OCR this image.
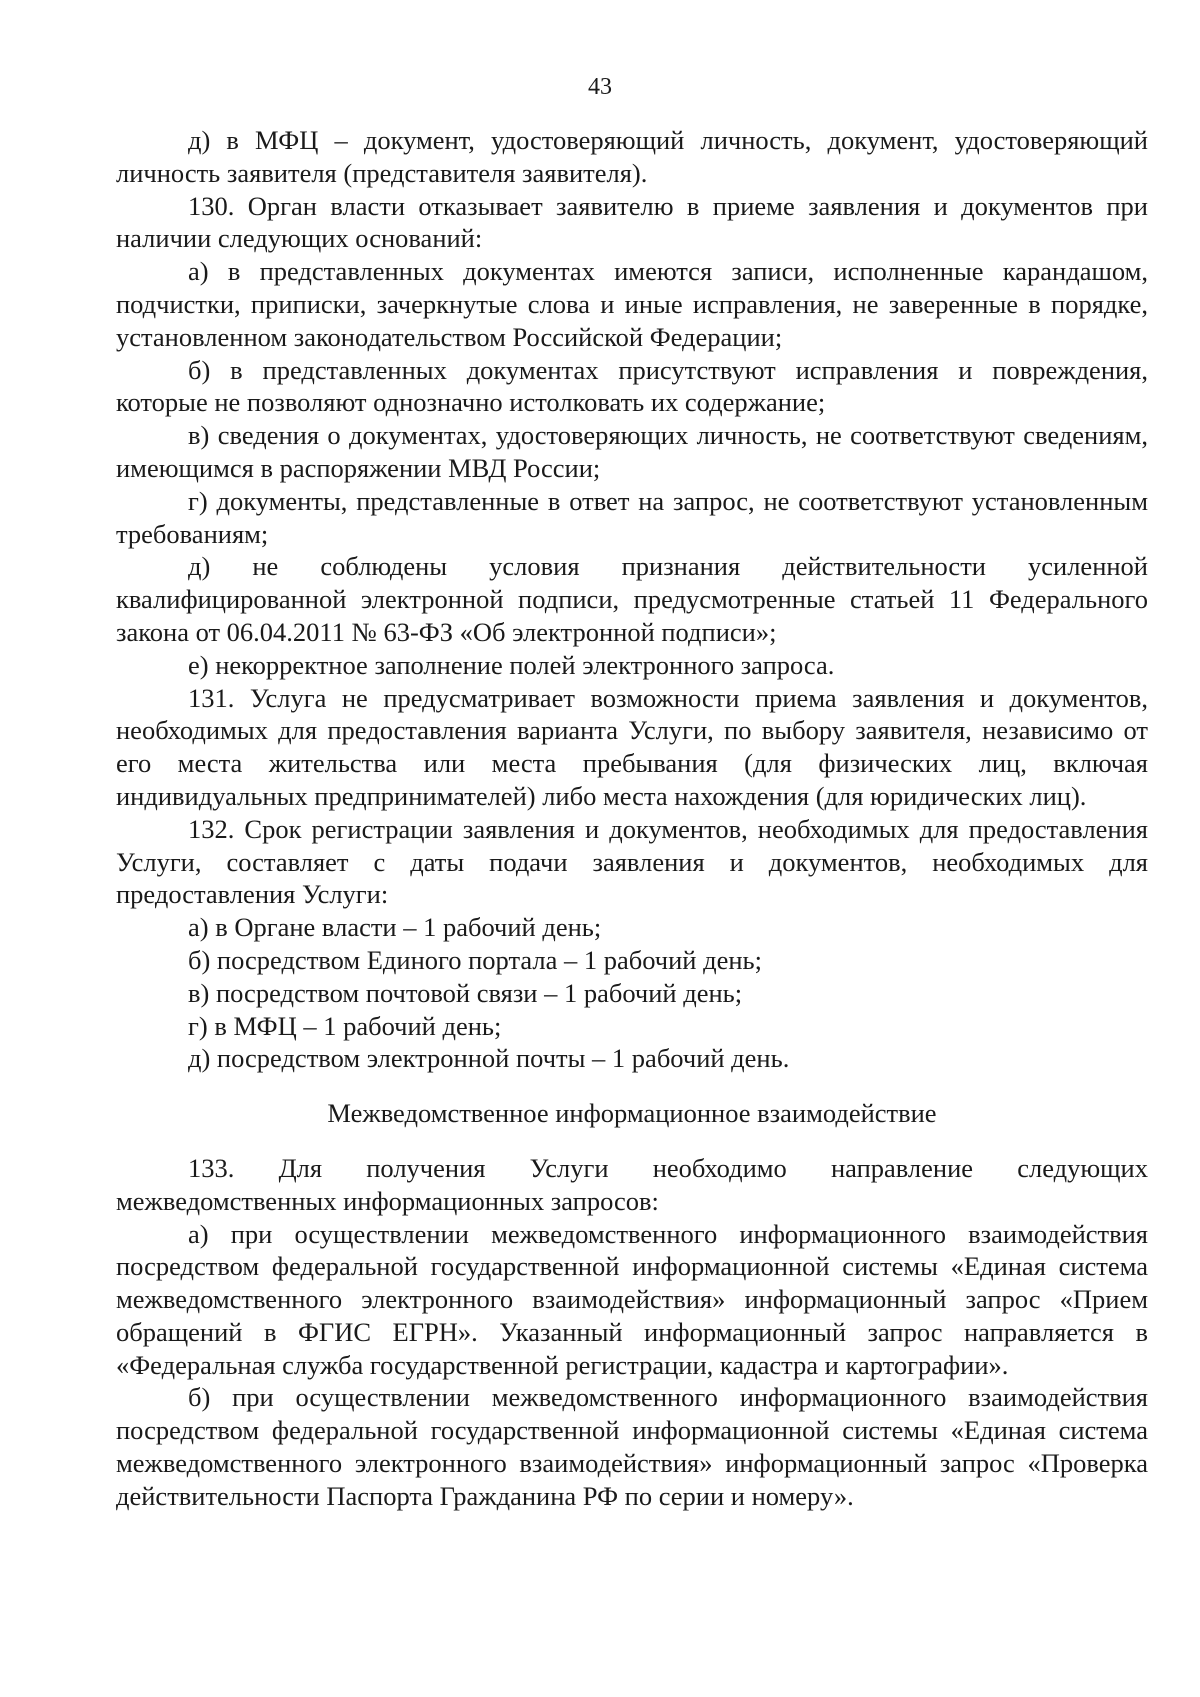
43

д) в МФЦ – документ, удостоверяющий личность, документ, удостоверяющий личность заявителя (представителя заявителя).

130. Орган власти отказывает заявителю в приеме заявления и документов при наличии следующих оснований:

а) в представленных документах имеются записи, исполненные карандашом, подчистки, приписки, зачеркнутые слова и иные исправления, не заверенные в порядке, установленном законодательством Российской Федерации;

б) в представленных документах присутствуют исправления и повреждения, которые не позволяют однозначно истолковать их содержание;

в) сведения о документах, удостоверяющих личность, не соответствуют сведениям, имеющимся в распоряжении МВД России;

г) документы, представленные в ответ на запрос, не соответствуют установленным требованиям;

д) не соблюдены условия признания действительности усиленной квалифицированной электронной подписи, предусмотренные статьей 11 Федерального закона от 06.04.2011 № 63-ФЗ «Об электронной подписи»;

е) некорректное заполнение полей электронного запроса.

131. Услуга не предусматривает возможности приема заявления и документов, необходимых для предоставления варианта Услуги, по выбору заявителя, независимо от его места жительства или места пребывания (для физических лиц, включая индивидуальных предпринимателей) либо места нахождения (для юридических лиц).

132. Срок регистрации заявления и документов, необходимых для предоставления Услуги, составляет с даты подачи заявления и документов, необходимых для предоставления Услуги:

а) в Органе власти – 1 рабочий день;

б) посредством Единого портала – 1 рабочий день;

в) посредством почтовой связи – 1 рабочий день;

г) в МФЦ – 1 рабочий день;

д) посредством электронной почты – 1 рабочий день.

Межведомственное информационное взаимодействие

133. Для получения Услуги необходимо направление следующих межведомственных информационных запросов:

а) при осуществлении межведомственного информационного взаимодействия посредством федеральной государственной информационной системы «Единая система межведомственного электронного взаимодействия» информационный запрос «Прием обращений в ФГИС ЕГРН». Указанный информационный запрос направляется в «Федеральная служба государственной регистрации, кадастра и картографии».

б) при осуществлении межведомственного информационного взаимодействия посредством федеральной государственной информационной системы «Единая система межведомственного электронного взаимодействия» информационный запрос «Проверка действительности Паспорта Гражданина РФ по серии и номеру».
